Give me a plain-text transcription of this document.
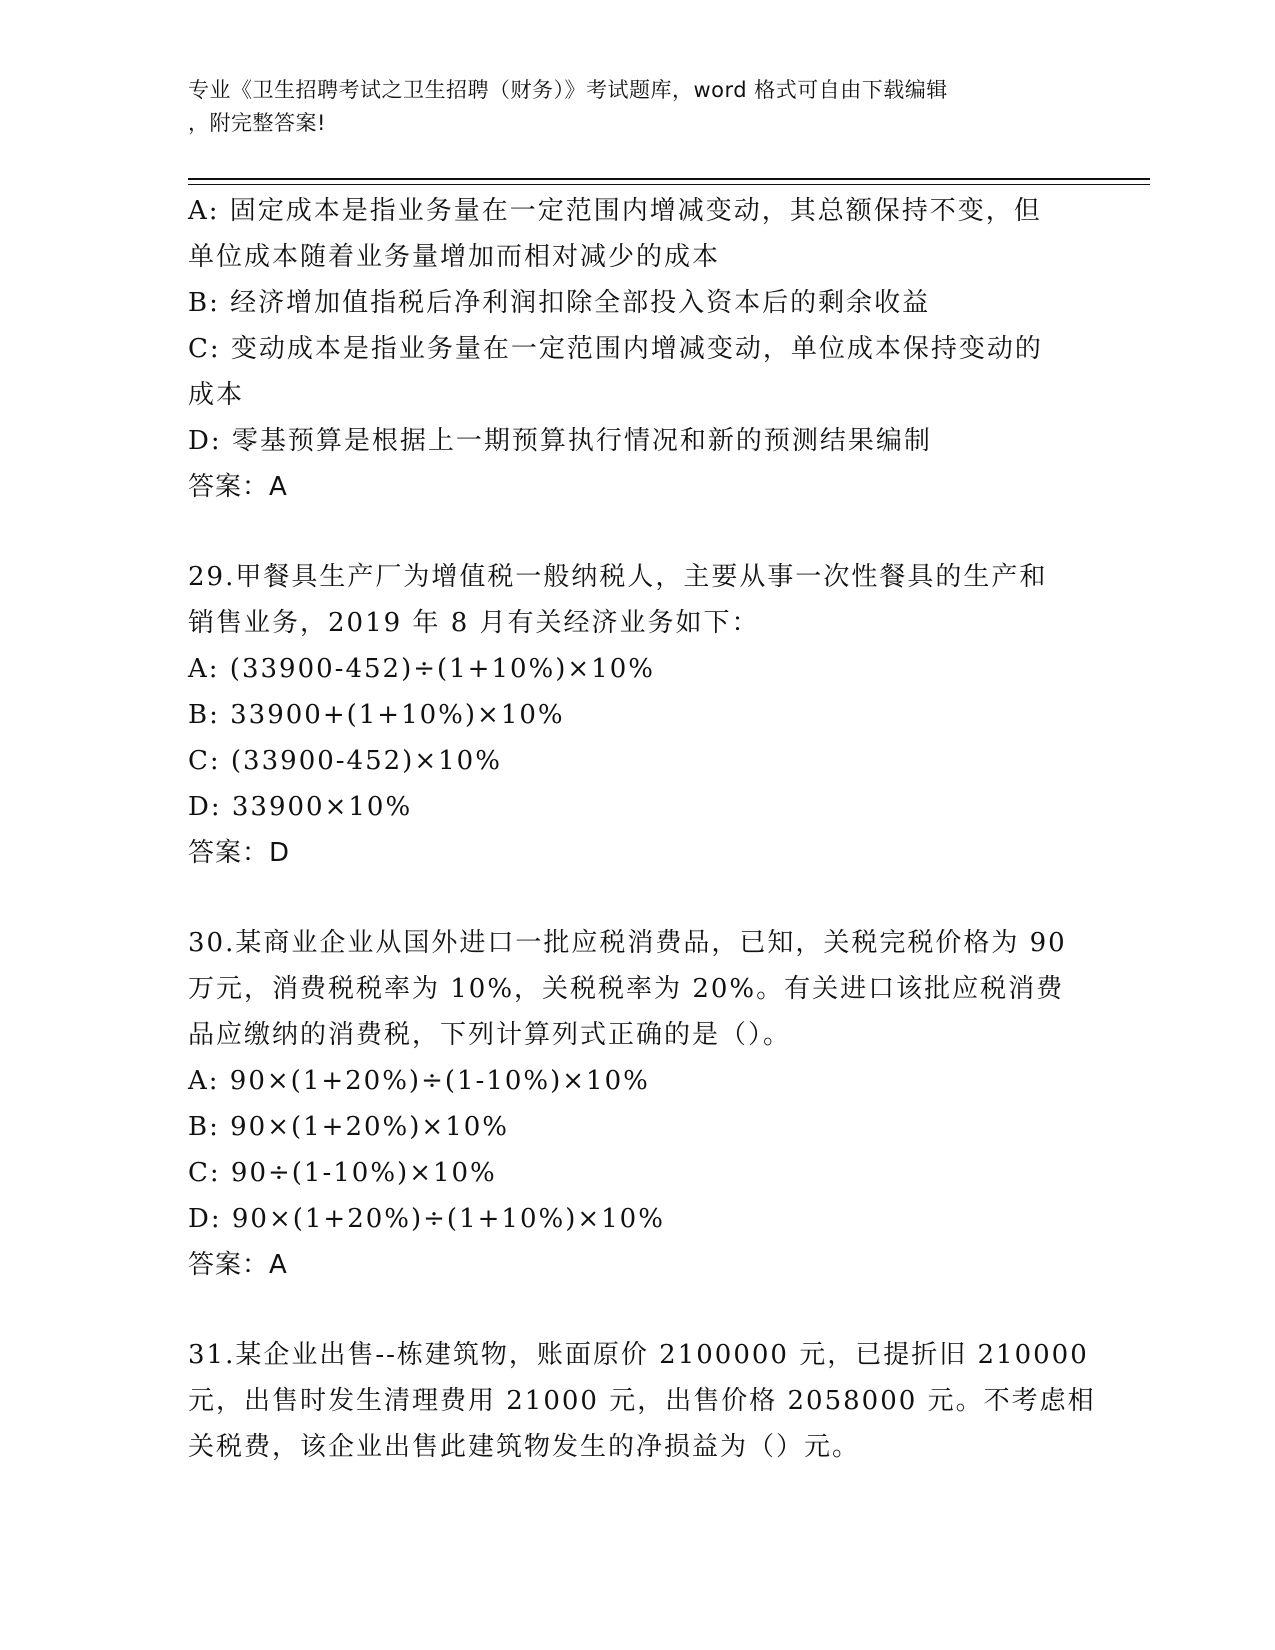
专业《卫生招聘考试之卫生招聘（财务）》考试题库，word 格式可自由下载编辑
，附完整答案!
A: 固定成本是指业务量在一定范围内增减变动，其总额保持不变，但
单位成本随着业务量增加而相对减少的成本
B: 经济增加值指税后净利润扣除全部投入资本后的剩余收益
C: 变动成本是指业务量在一定范围内增减变动，单位成本保持变动的
成本
D: 零基预算是根据上一期预算执行情况和新的预测结果编制
答案：A
29.甲餐具生产厂为增值税一般纳税人，主要从事一次性餐具的生产和
销售业务，2019 年 8 月有关经济业务如下：
A: (33900-452)÷(1+10%)×10%
B: 33900+(1+10%)×10%
C: (33900-452)×10%
D: 33900×10%
答案：D
30.某商业企业从国外进口一批应税消费品，已知，关税完税价格为 90
万元，消费税税率为 10%，关税税率为 20%。有关进口该批应税消费
品应缴纳的消费税，下列计算列式正确的是（）。
A: 90×(1+20%)÷(1-10%)×10%
B: 90×(1+20%)×10%
C: 90÷(1-10%)×10%
D: 90×(1+20%)÷(1+10%)×10%
答案：A
31.某企业出售--栋建筑物，账面原价 2100000 元，已提折旧 210000
元，出售时发生清理费用 21000 元，出售价格 2058000 元。不考虑相
关税费，该企业出售此建筑物发生的净损益为（）元。
